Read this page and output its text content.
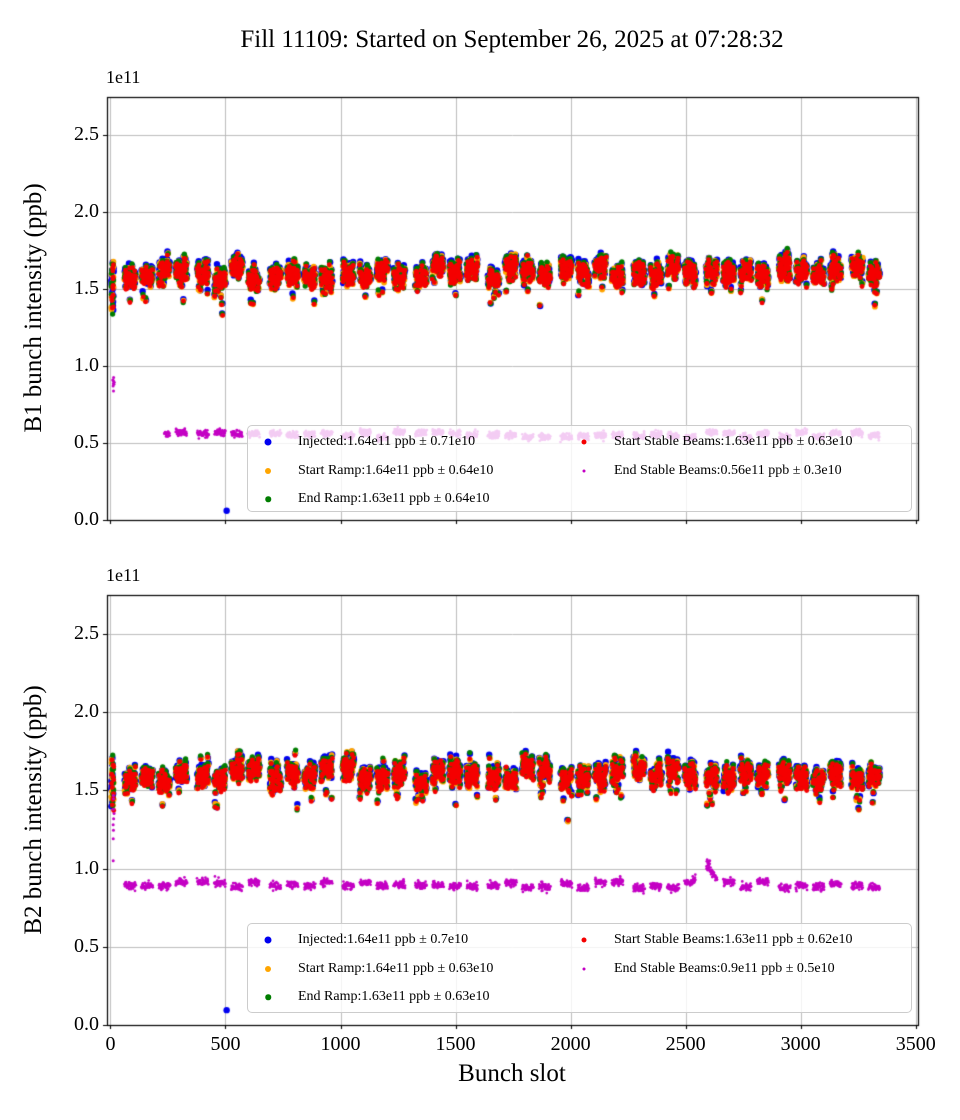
Fill 11109: Started on September 26, 2025 at 07:28:32
1e11
1e11
B1 bunch intensity (ppb)
B2 bunch intensity (ppb)
Bunch slot
0.0
0.5
1.0
1.5
2.0
2.5
0.0
0.5
1.0
1.5
2.0
2.5
0	500	1000	1500	2000	2500	3000	3500
Injected:1.64e11 ppb ± 0.71e10
Start Ramp:1.64e11 ppb ± 0.64e10
End Ramp:1.63e11 ppb ± 0.64e10
Start Stable Beams:1.63e11 ppb ± 0.63e10
End Stable Beams:0.56e11 ppb ± 0.3e10
Injected:1.64e11 ppb ± 0.7e10
Start Ramp:1.64e11 ppb ± 0.63e10
End Ramp:1.63e11 ppb ± 0.63e10
Start Stable Beams:1.63e11 ppb ± 0.62e10
End Stable Beams:0.9e11 ppb ± 0.5e10
